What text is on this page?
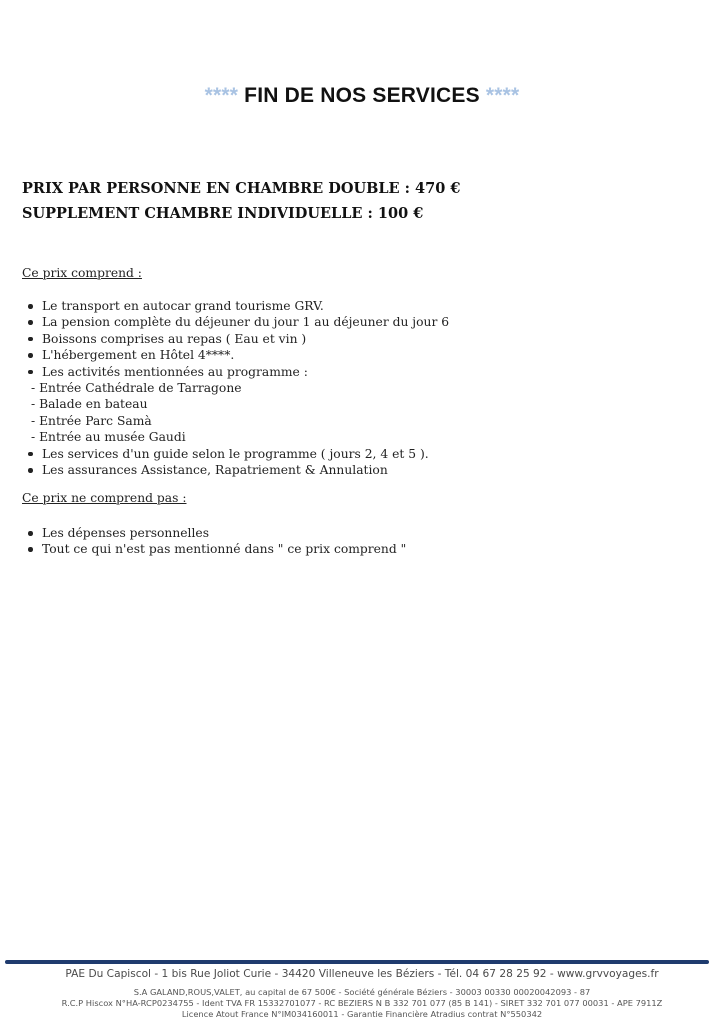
**** FIN DE NOS SERVICES ****
PRIX PAR PERSONNE EN CHAMBRE DOUBLE : 470 €
SUPPLEMENT CHAMBRE INDIVIDUELLE : 100 €
Ce prix comprend :
Le transport en autocar grand tourisme GRV.
La pension complète du déjeuner du jour 1 au déjeuner du jour 6
Boissons comprises au repas ( Eau et vin )
L'hébergement en Hôtel 4****.
Les activités mentionnées au programme :
- Entrée Cathédrale de Tarragone
- Balade en bateau
- Entrée Parc Samà
- Entrée au musée Gaudi
Les services d'un guide selon le programme ( jours 2, 4 et 5 ).
Les assurances Assistance, Rapatriement & Annulation
Ce prix ne comprend pas :
Les dépenses personnelles
Tout ce qui n'est pas mentionné dans " ce prix comprend "
PAE Du Capiscol - 1 bis Rue Joliot Curie - 34420 Villeneuve les Béziers - Tél. 04 67 28 25 92 - www.grvvoyages.fr
S.A GALAND,ROUS,VALET, au capital de 67 500€ - Société générale Béziers - 30003 00330 00020042093 - 87
R.C.P Hiscox N°HA-RCP0234755 - Ident TVA FR 15332701077 - RC BEZIERS N B 332 701 077 (85 B 141) - SIRET 332 701 077 00031 - APE 7911Z
Licence Atout France N°IM034160011 - Garantie Financière Atradius contrat N°550342
